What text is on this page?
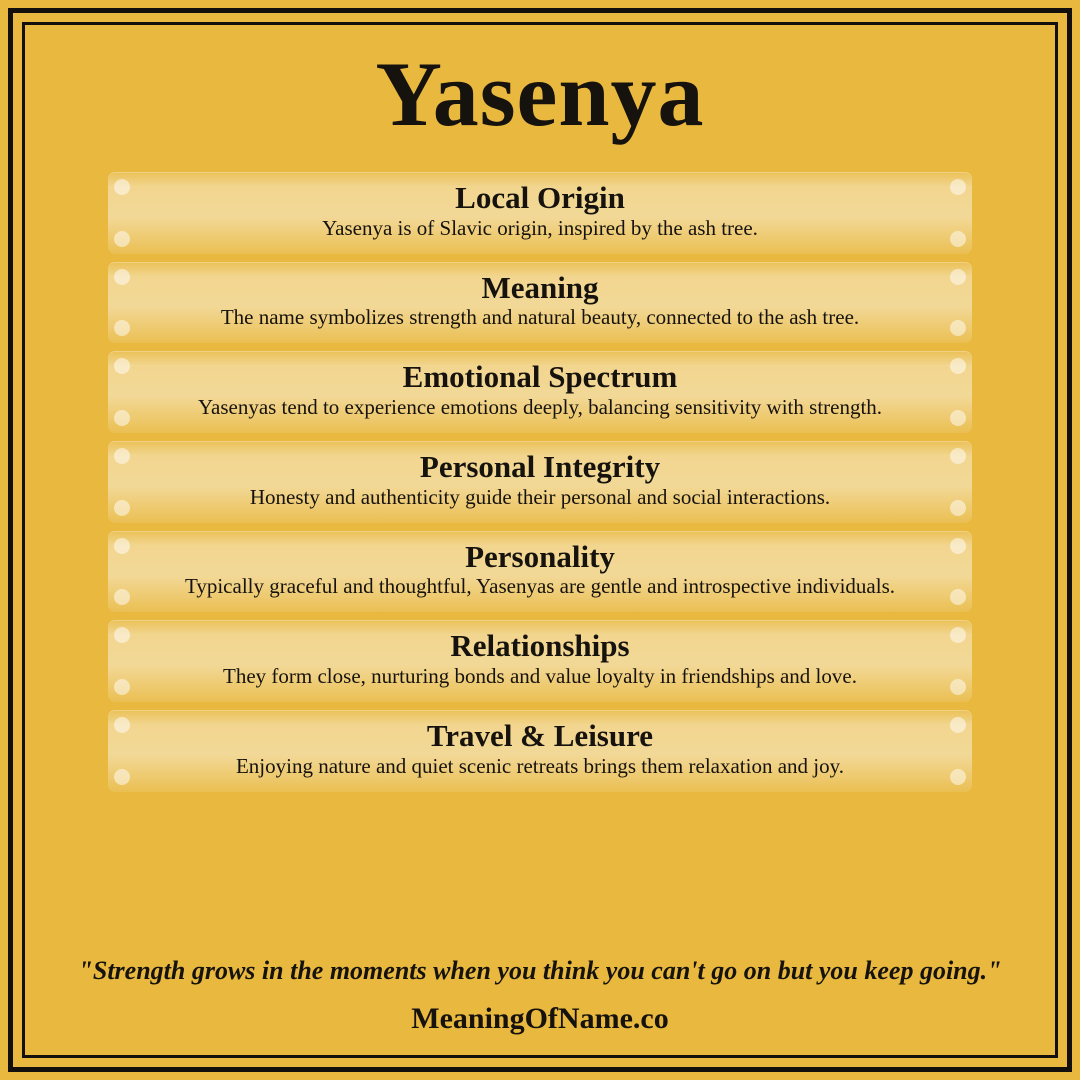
Yasenya
Local Origin
Yasenya is of Slavic origin, inspired by the ash tree.
Meaning
The name symbolizes strength and natural beauty, connected to the ash tree.
Emotional Spectrum
Yasenyas tend to experience emotions deeply, balancing sensitivity with strength.
Personal Integrity
Honesty and authenticity guide their personal and social interactions.
Personality
Typically graceful and thoughtful, Yasenyas are gentle and introspective individuals.
Relationships
They form close, nurturing bonds and value loyalty in friendships and love.
Travel & Leisure
Enjoying nature and quiet scenic retreats brings them relaxation and joy.
"Strength grows in the moments when you think you can't go on but you keep going."
MeaningOfName.co
